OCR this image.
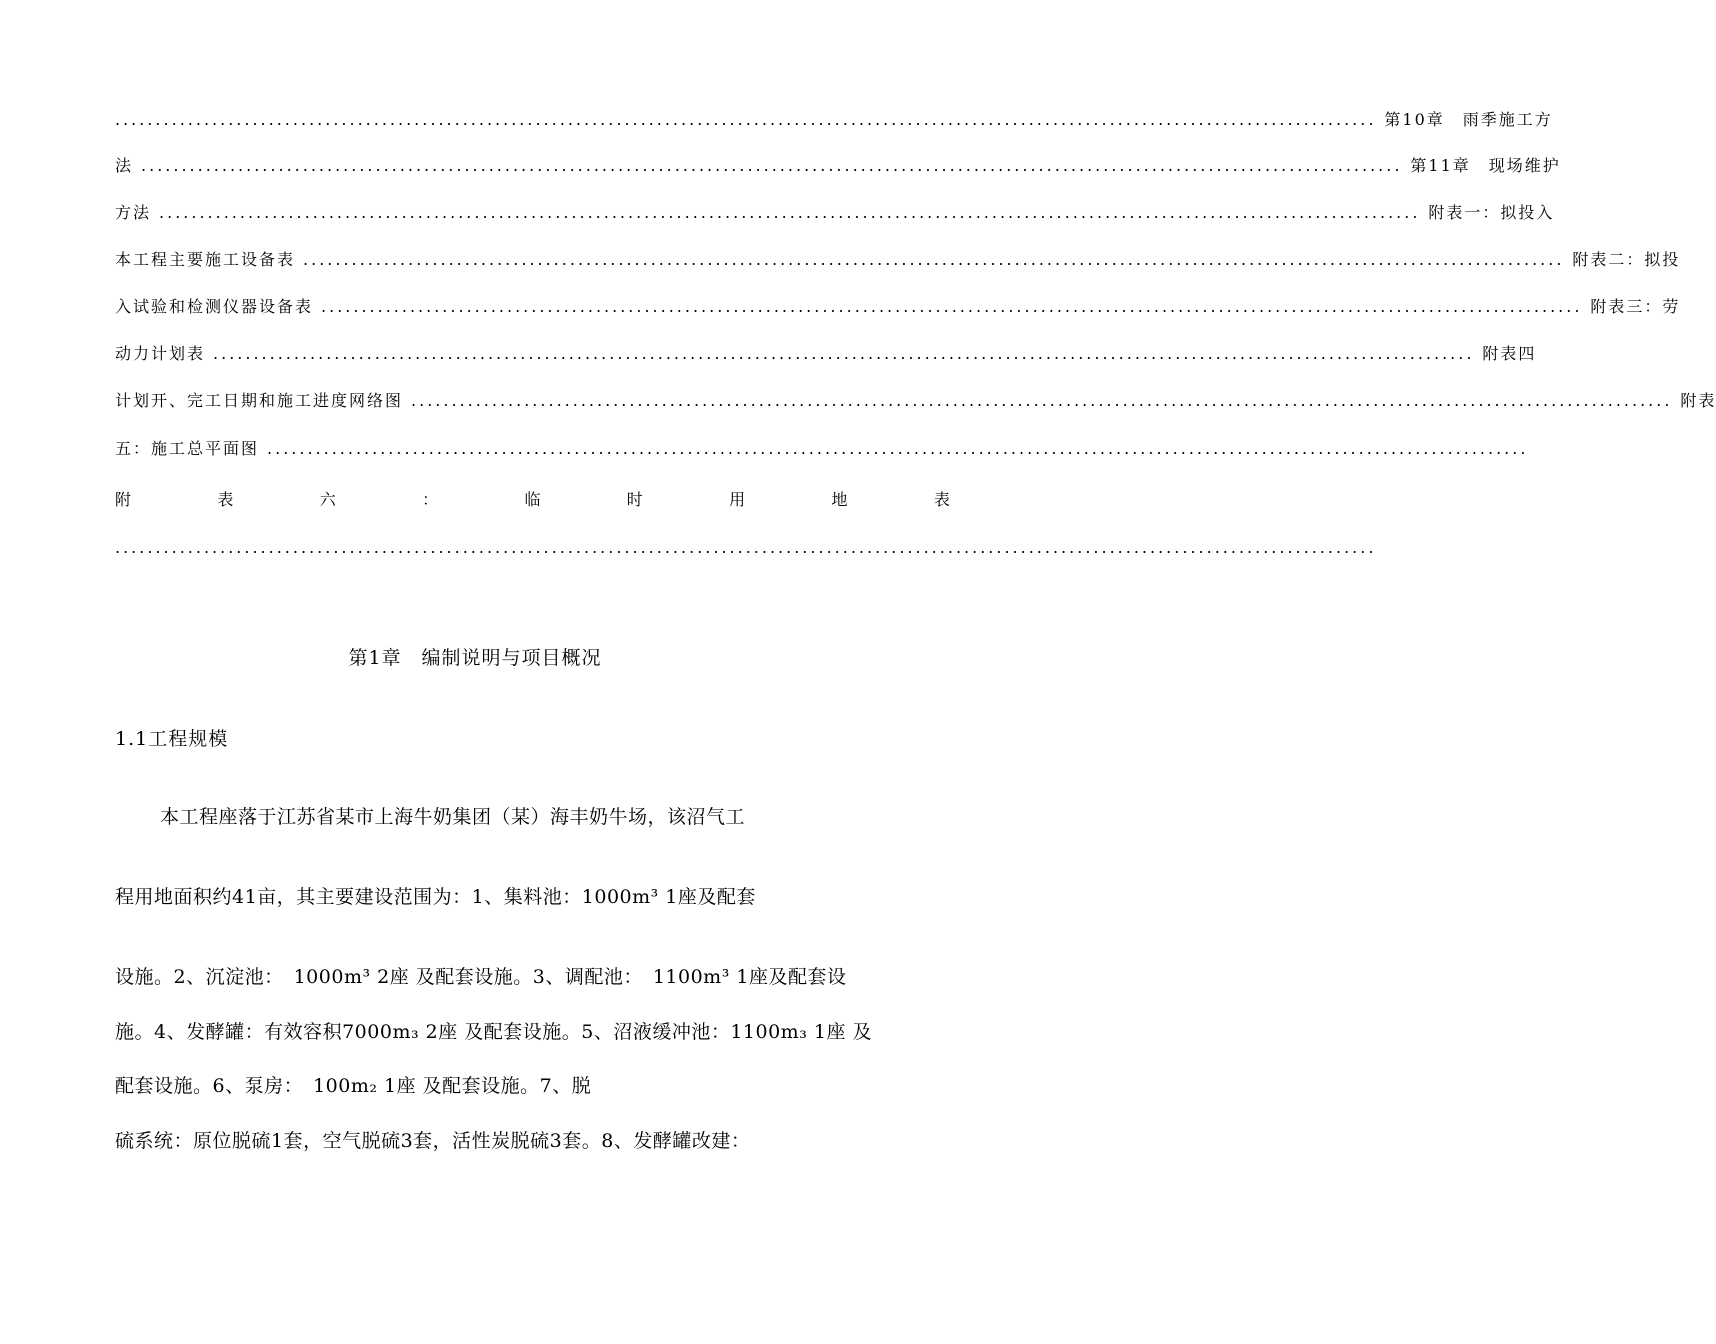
............................................................................................................................................................ 第10章　雨季施工方
法 ............................................................................................................................................................ 第11章　现场维护
方法 ............................................................................................................................................................ 附表一：拟投入
本工程主要施工设备表 ............................................................................................................................................................ 附表二：拟投
入试验和检测仪器设备表 ............................................................................................................................................................ 附表三：劳
动力计划表 ............................................................................................................................................................ 附表四
计划开、完工日期和施工进度网络图 ............................................................................................................................................................ 附表
五：施工总平面图 ............................................................................................................................................................
附	表	六	：	临	时	用	地	表
............................................................................................................................................................
第1章　编制说明与项目概况
1.1工程规模
本工程座落于江苏省某市上海牛奶集团（某）海丰奶牛场，该沼气工
程用地面积约41亩，其主要建设范围为：1、集料池：1000m³ 1座及配套
设施。2、沉淀池：　1000m³ 2座 及配套设施。3、调配池：　1100m³ 1座及配套设
施。4、发酵罐：有效容积7000m₃ 2座 及配套设施。5、沼液缓冲池：1100m₃ 1座 及
配套设施。6、泵房：　100m₂ 1座 及配套设施。7、脱
硫系统：原位脱硫1套，空气脱硫3套，活性炭脱硫3套。8、发酵罐改建：
